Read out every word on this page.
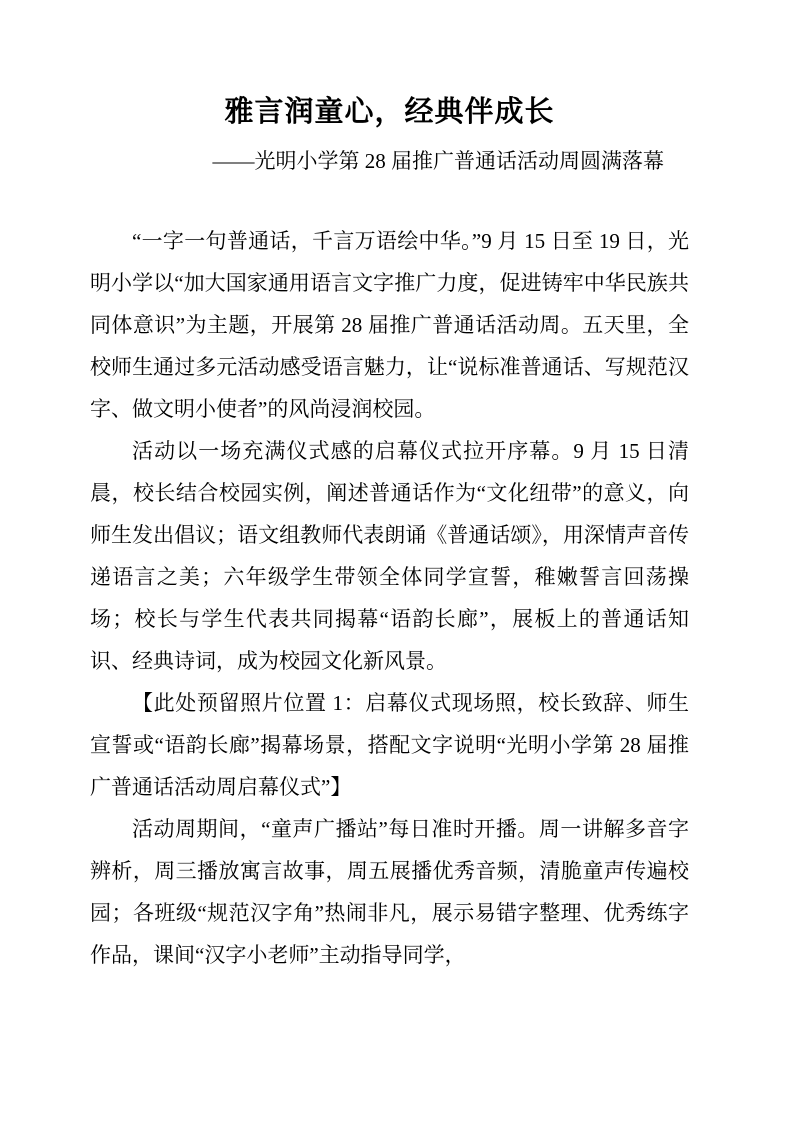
雅言润童心，经典伴成长
——光明小学第 28 届推广普通话活动周圆满落幕

“一字一句普通话，千言万语绘中华。”9 月 15 日至 19 日，光明小学以“加大国家通用语言文字推广力度，促进铸牢中华民族共同体意识”为主题，开展第 28 届推广普通话活动周。五天里，全校师生通过多元活动感受语言魅力，让“说标准普通话、写规范汉字、做文明小使者”的风尚浸润校园。

活动以一场充满仪式感的启幕仪式拉开序幕。9 月 15 日清晨，校长结合校园实例，阐述普通话作为“文化纽带”的意义，向师生发出倡议；语文组教师代表朗诵《普通话颂》，用深情声音传递语言之美；六年级学生带领全体同学宣誓，稚嫩誓言回荡操场；校长与学生代表共同揭幕“语韵长廊”，展板上的普通话知识、经典诗词，成为校园文化新风景。

【此处预留照片位置 1：启幕仪式现场照，校长致辞、师生宣誓或“语韵长廊”揭幕场景，搭配文字说明“光明小学第 28 届推广普通话活动周启幕仪式”】

活动周期间，“童声广播站”每日准时开播。周一讲解多音字辨析，周三播放寓言故事，周五展播优秀音频，清脆童声传遍校园；各班级“规范汉字角”热闹非凡，展示易错字整理、优秀练字作品，课间“汉字小老师”主动指导同学，
